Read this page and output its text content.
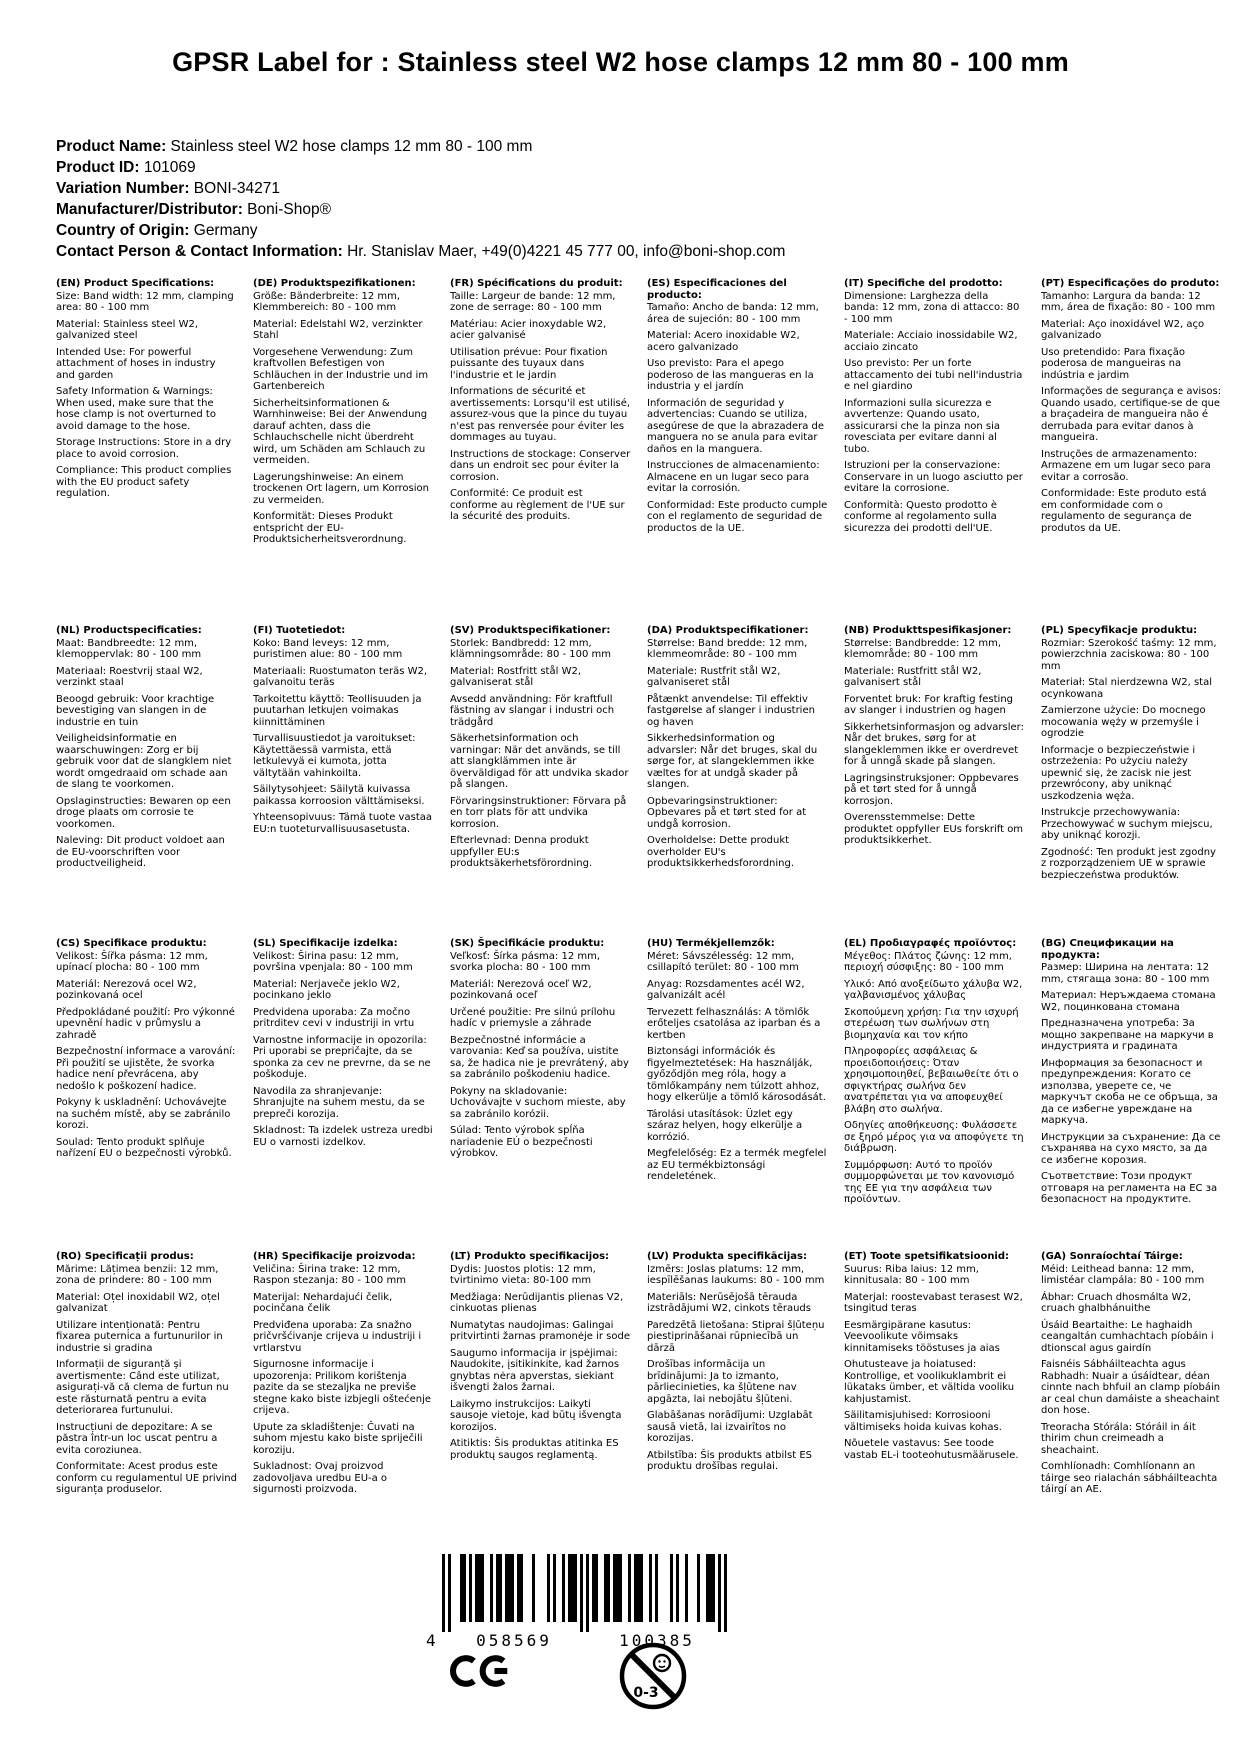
GPSR Label for : Stainless steel W2 hose clamps 12 mm 80 - 100 mm
Product Name: Stainless steel W2 hose clamps 12 mm 80 - 100 mm
Product ID: 101069
Variation Number: BONI-34271
Manufacturer/Distributor: Boni-Shop®
Country of Origin: Germany
Contact Person & Contact Information: Hr. Stanislav Maer, +49(0)4221 45 777 00, info@boni-shop.com
(EN) Product Specifications:

Size: Band width: 12 mm, clamping area: 80 - 100 mm

Material: Stainless steel W2, galvanized steel

Intended Use: For powerful attachment of hoses in industry and garden

Safety Information & Warnings: When used, make sure that the hose clamp is not overturned to avoid damage to the hose.

Storage Instructions: Store in a dry place to avoid corrosion.

Compliance: This product complies with the EU product safety regulation.

(DE) Produktspezifikationen:

Größe: Bänderbreite: 12 mm, Klemmbereich: 80 - 100 mm

Material: Edelstahl W2, verzinkter Stahl

Vorgesehene Verwendung: Zum kraftvollen Befestigen von Schläuchen in der Industrie und im Gartenbereich

Sicherheitsinformationen & Warnhinweise: Bei der Anwendung darauf achten, dass die Schlauchschelle nicht überdreht wird, um Schäden am Schlauch zu vermeiden.

Lagerungshinweise: An einem trockenen Ort lagern, um Korrosion zu vermeiden.

Konformität: Dieses Produkt entspricht der EU-Produktsicherheitsverordnung.

(FR) Spécifications du produit:

Taille: Largeur de bande: 12 mm, zone de serrage: 80 - 100 mm

Matériau: Acier inoxydable W2, acier galvanisé

Utilisation prévue: Pour fixation puissante des tuyaux dans l'industrie et le jardin

Informations de sécurité et avertissements: Lorsqu'il est utilisé, assurez-vous que la pince du tuyau n'est pas renversée pour éviter les dommages au tuyau.

Instructions de stockage: Conserver dans un endroit sec pour éviter la corrosion.

Conformité: Ce produit est conforme au règlement de l'UE sur la sécurité des produits.

(ES) Especificaciones del producto:

Tamaño: Ancho de banda: 12 mm, área de sujeción: 80 - 100 mm

Material: Acero inoxidable W2, acero galvanizado

Uso previsto: Para el apego poderoso de las mangueras en la industria y el jardín

Información de seguridad y advertencias: Cuando se utiliza, asegúrese de que la abrazadera de manguera no se anula para evitar daños en la manguera.

Instrucciones de almacenamiento: Almacene en un lugar seco para evitar la corrosión.

Conformidad: Este producto cumple con el reglamento de seguridad de productos de la UE.

(IT) Specifiche del prodotto:

Dimensione: Larghezza della banda: 12 mm, zona di attacco: 80 - 100 mm

Materiale: Acciaio inossidabile W2, acciaio zincato

Uso previsto: Per un forte attaccamento dei tubi nell'industria e nel giardino

Informazioni sulla sicurezza e avvertenze: Quando usato, assicurarsi che la pinza non sia rovesciata per evitare danni al tubo.

Istruzioni per la conservazione: Conservare in un luogo asciutto per evitare la corrosione.

Conformità: Questo prodotto è conforme al regolamento sulla sicurezza dei prodotti dell'UE.

(PT) Especificações do produto:

Tamanho: Largura da banda: 12 mm, área de fixação: 80 - 100 mm

Material: Aço inoxidável W2, aço galvanizado

Uso pretendido: Para fixação poderosa de mangueiras na indústria e jardim

Informações de segurança e avisos: Quando usado, certifique-se de que a braçadeira de mangueira não é derrubada para evitar danos à mangueira.

Instruções de armazenamento: Armazene em um lugar seco para evitar a corrosão.

Conformidade: Este produto está em conformidade com o regulamento de segurança de produtos da UE.

(NL) Productspecificaties:

Maat: Bandbreedte: 12 mm, klemoppervlak: 80 - 100 mm

Materiaal: Roestvrij staal W2, verzinkt staal

Beoogd gebruik: Voor krachtige bevestiging van slangen in de industrie en tuin

Veiligheidsinformatie en waarschuwingen: Zorg er bij gebruik voor dat de slangklem niet wordt omgedraaid om schade aan de slang te voorkomen.

Opslaginstructies: Bewaren op een droge plaats om corrosie te voorkomen.

Naleving: Dit product voldoet aan de EU-voorschriften voor productveiligheid.

(FI) Tuotetiedot:

Koko: Band leveys: 12 mm, puristimen alue: 80 - 100 mm

Materiaali: Ruostumaton teräs W2, galvanoitu teräs

Tarkoitettu käyttö: Teollisuuden ja puutarhan letkujen voimakas kiinnittäminen

Turvallisuustiedot ja varoitukset: Käytettäessä varmista, että letkulevyä ei kumota, jotta vältytään vahinkoilta.

Säilytysohjeet: Säilytä kuivassa paikassa korroosion välttämiseksi.

Yhteensopivuus: Tämä tuote vastaa EU:n tuoteturvallisuusasetusta.

(SV) Produktspecifikationer:

Storlek: Bandbredd: 12 mm, klämningsområde: 80 - 100 mm

Material: Rostfritt stål W2, galvaniserat stål

Avsedd användning: För kraftfull fästning av slangar i industri och trädgård

Säkerhetsinformation och varningar: När det används, se till att slangklämmen inte är överväldigad för att undvika skador på slangen.

Förvaringsinstruktioner: Förvara på en torr plats för att undvika korrosion.

Efterlevnad: Denna produkt uppfyller EU:s produktsäkerhetsförordning.

(DA) Produktspecifikationer:

Størrelse: Band bredde: 12 mm, klemmeområde: 80 - 100 mm

Materiale: Rustfrit stål W2, galvaniseret stål

Påtænkt anvendelse: Til effektiv fastgørelse af slanger i industrien og haven

Sikkerhedsinformation og advarsler: Når det bruges, skal du sørge for, at slangeklemmen ikke væltes for at undgå skader på slangen.

Opbevaringsinstruktioner: Opbevares på et tørt sted for at undgå korrosion.

Overholdelse: Dette produkt overholder EU's produktsikkerhedsforordning.

(NB) Produkttspesifikasjoner:

Størrelse: Bandbredde: 12 mm, klemområde: 80 - 100 mm

Materiale: Rustfritt stål W2, galvanisert stål

Forventet bruk: For kraftig festing av slanger i industrien og hagen

Sikkerhetsinformasjon og advarsler: Når det brukes, sørg for at slangeklemmen ikke er overdrevet for å unngå skade på slangen.

Lagringsinstruksjoner: Oppbevares på et tørt sted for å unngå korrosjon.

Overensstemmelse: Dette produktet oppfyller EUs forskrift om produktsikkerhet.

(PL) Specyfikacje produktu:

Rozmiar: Szerokość taśmy: 12 mm, powierzchnia zaciskowa: 80 - 100 mm

Materiał: Stal nierdzewna W2, stal ocynkowana

Zamierzone użycie: Do mocnego mocowania węży w przemyśle i ogrodzie

Informacje o bezpieczeństwie i ostrzeżenia: Po użyciu należy upewnić się, że zacisk nie jest przewrócony, aby uniknąć uszkodzenia węża.

Instrukcje przechowywania: Przechowywać w suchym miejscu, aby uniknąć korozji.

Zgodność: Ten produkt jest zgodny z rozporządzeniem UE w sprawie bezpieczeństwa produktów.

(CS) Specifikace produktu:

Velikost: Šířka pásma: 12 mm, upínací plocha: 80 - 100 mm

Materiál: Nerezová ocel W2, pozinkovaná ocel

Předpokládané použití: Pro výkonné upevnění hadic v průmyslu a zahradě

Bezpečnostní informace a varování: Při použití se ujistěte, že svorka hadice není převrácena, aby nedošlo k poškození hadice.

Pokyny k uskladnění: Uchovávejte na suchém místě, aby se zabránilo korozi.

Soulad: Tento produkt splňuje nařízení EU o bezpečnosti výrobků.

(SL) Specifikacije izdelka:

Velikost: Širina pasu: 12 mm, površina vpenjala: 80 - 100 mm

Material: Nerjaveče jeklo W2, pocinkano jeklo

Predvidena uporaba: Za močno pritrditev cevi v industriji in vrtu

Varnostne informacije in opozorila: Pri uporabi se prepričajte, da se sponka za cev ne prevrne, da se ne poškoduje.

Navodila za shranjevanje: Shranjujte na suhem mestu, da se prepreči korozija.

Skladnost: Ta izdelek ustreza uredbi EU o varnosti izdelkov.

(SK) Špecifikácie produktu:

Veľkosť: Šírka pásma: 12 mm, svorka plocha: 80 - 100 mm

Materiál: Nerezová oceľ W2, pozinkovaná oceľ

Určené použitie: Pre silnú prílohu hadíc v priemysle a záhrade

Bezpečnostné informácie a varovania: Keď sa používa, uistite sa, že hadica nie je prevrátený, aby sa zabránilo poškodeniu hadice.

Pokyny na skladovanie: Uchovávajte v suchom mieste, aby sa zabránilo korózii.

Súlad: Tento výrobok spĺňa nariadenie EÚ o bezpečnosti výrobkov.

(HU) Termékjellemzők:

Méret: Sávszélesség: 12 mm, csillapító terület: 80 - 100 mm

Anyag: Rozsdamentes acél W2, galvanizált acél

Tervezett felhasználás: A tömlők erőteljes csatolása az iparban és a kertben

Biztonsági információk és figyelmeztetések: Ha használják, győződjön meg róla, hogy a tömlőkampány nem túlzott ahhoz, hogy elkerülje a tömlő károsodását.

Tárolási utasítások: Üzlet egy száraz helyen, hogy elkerülje a korrózió.

Megfelelőség: Ez a termék megfelel az EU termékbiztonsági rendeletének.

(EL) Προδιαγραφές προϊόντος:

Μέγεθος: Πλάτος ζώνης: 12 mm, περιοχή σύσφιξης: 80 - 100 mm

Υλικό: Από ανοξείδωτο χάλυβα W2, γαλβανισμένος χάλυβας

Σκοπούμενη χρήση: Για την ισχυρή στερέωση των σωλήνων στη βιομηχανία και τον κήπο

Πληροφορίες ασφάλειας & προειδοποιήσεις: Όταν χρησιμοποιηθεί, βεβαιωθείτε ότι ο σφιγκτήρας σωλήνα δεν ανατρέπεται για να αποφευχθεί βλάβη στο σωλήνα.

Οδηγίες αποθήκευσης: Φυλάσσετε σε ξηρό μέρος για να αποφύγετε τη διάβρωση.

Συμμόρφωση: Αυτό το προϊόν συμμορφώνεται με τον κανονισμό της ΕΕ για την ασφάλεια των προϊόντων.

(BG) Спецификации на продукта:

Размер: Ширина на лентата: 12 mm, стягаща зона: 80 - 100 mm

Материал: Неръждаема стомана W2, поцинкована стомана

Предназначена употреба: За мощно закрепване на маркучи в индустрията и градината

Информация за безопасност и предупреждения: Когато се използва, уверете се, че маркучът скоба не се обръща, за да се избегне увреждане на маркуча.

Инструкции за съхранение: Да се съхранява на сухо място, за да се избегне корозия.

Съответствие: Този продукт отговаря на регламента на ЕС за безопасност на продуктите.

(RO) Specificații produs:

Mărime: Lățimea benzii: 12 mm, zona de prindere: 80 - 100 mm

Material: Oțel inoxidabil W2, oțel galvanizat

Utilizare intenționată: Pentru fixarea puternica a furtunurilor in industrie si gradina

Informații de siguranță și avertismente: Când este utilizat, asigurați-vă că clema de furtun nu este răsturnată pentru a evita deteriorarea furtunului.

Instrucțiuni de depozitare: A se păstra într-un loc uscat pentru a evita coroziunea.

Conformitate: Acest produs este conform cu regulamentul UE privind siguranța produselor.

(HR) Specifikacije proizvoda:

Veličina: Širina trake: 12 mm, Raspon stezanja: 80 - 100 mm

Materijal: Nehardajući čelik, pocinčana čelik

Predviđena uporaba: Za snažno pričvršćivanje crijeva u industriji i vrtlarstvu

Sigurnosne informacije i upozorenja: Prilikom korištenja pazite da se stezaljka ne previše stegne kako biste izbjegli oštećenje crijeva.

Upute za skladištenje: Čuvati na suhom mjestu kako biste spriječili koroziju.

Sukladnost: Ovaj proizvod zadovoljava uredbu EU-a o sigurnosti proizvoda.

(LT) Produkto specifikacijos:

Dydis: Juostos plotis: 12 mm, tvirtinimo vieta: 80-100 mm

Medžiaga: Nerūdijantis plienas V2, cinkuotas plienas

Numatytas naudojimas: Galingai pritvirtinti žarnas pramonėje ir sode

Saugumo informacija ir įspėjimai: Naudokite, įsitikinkite, kad žarnos gnybtas nėra apverstas, siekiant išvengti žalos žarnai.

Laikymo instrukcijos: Laikyti sausoje vietoje, kad būtų išvengta korozijos.

Atitiktis: Šis produktas atitinka ES produktų saugos reglamentą.

(LV) Produkta specifikācijas:

Izmērs: Joslas platums: 12 mm, iespīlēšanas laukums: 80 - 100 mm

Materiāls: Nerūsējošā tērauda izstrādājumi W2, cinkots tērauds

Paredzētā lietošana: Stiprai šļūteņu piestiprināšanai rūpniecībā un dārzā

Drošības informācija un brīdinājumi: Ja to izmanto, pārliecinieties, ka šļūtene nav apgāzta, lai nebojātu šļūteni.

Glabāšanas norādījumi: Uzglabāt sausā vietā, lai izvairītos no korozijas.

Atbilstība: Šis produkts atbilst ES produktu drošības regulai.

(ET) Toote spetsifikatsioonid:

Suurus: Riba laius: 12 mm, kinnitusala: 80 - 100 mm

Materjal: roostevabast terasest W2, tsingitud teras

Eesmärgipärane kasutus: Veevoolikute võimsaks kinnitamiseks tööstuses ja aias

Ohutusteave ja hoiatused: Kontrollige, et voolikuklambrit ei lükataks ümber, et vältida vooliku kahjustamist.

Säilitamisjuhised: Korrosiooni vältimiseks hoida kuivas kohas.

Nõuetele vastavus: See toode vastab EL-i tooteohutusmäärusele.

(GA) Sonraíochtaí Táirge:

Méid: Leithead banna: 12 mm, limistéar clampála: 80 - 100 mm

Ábhar: Cruach dhosmálta W2, cruach ghalbhánuithe

Úsáid Beartaithe: Le haghaidh ceangaltán cumhachtach píobáin i dtionscal agus gairdín

Faisnéis Sábháilteachta agus Rabhadh: Nuair a úsáidtear, déan cinnte nach bhfuil an clamp píobáin ar ceal chun damáiste a sheachaint don hose.

Treoracha Stórála: Stóráil in áit thirim chun creimeadh a sheachaint.

Comhlíonadh: Comhlíonann an táirge seo rialachán sábháilteachta táirgí an AE.

4 058569	100385
0-3
